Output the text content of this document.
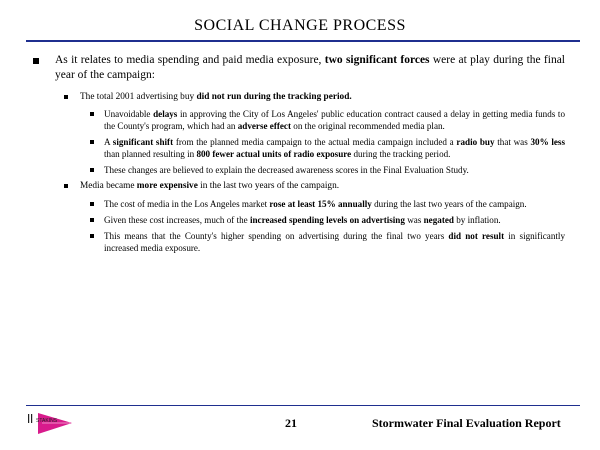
SOCIAL CHANGE PROCESS
As it relates to media spending and paid media exposure, two significant forces were at play during the final year of the campaign:
The total 2001 advertising buy did not run during the tracking period.
Unavoidable delays in approving the City of Los Angeles' public education contract caused a delay in getting media funds to the County's program, which had an adverse effect on the original recommended media plan.
A significant shift from the planned media campaign to the actual media campaign included a radio buy that was 30% less than planned resulting in 800 fewer actual units of radio exposure during the tracking period.
These changes are believed to explain the decreased awareness scores in the Final Evaluation Study.
Media became more expensive in the last two years of the campaign.
The cost of media in the Los Angeles market rose at least 15% annually during the last two years of the campaign.
Given these cost increases, much of the increased spending levels on advertising was negated by inflation.
This means that the County's higher spending on advertising during the final two years did not result in significantly increased media exposure.
STAKINS	21	Stormwater Final Evaluation Report
